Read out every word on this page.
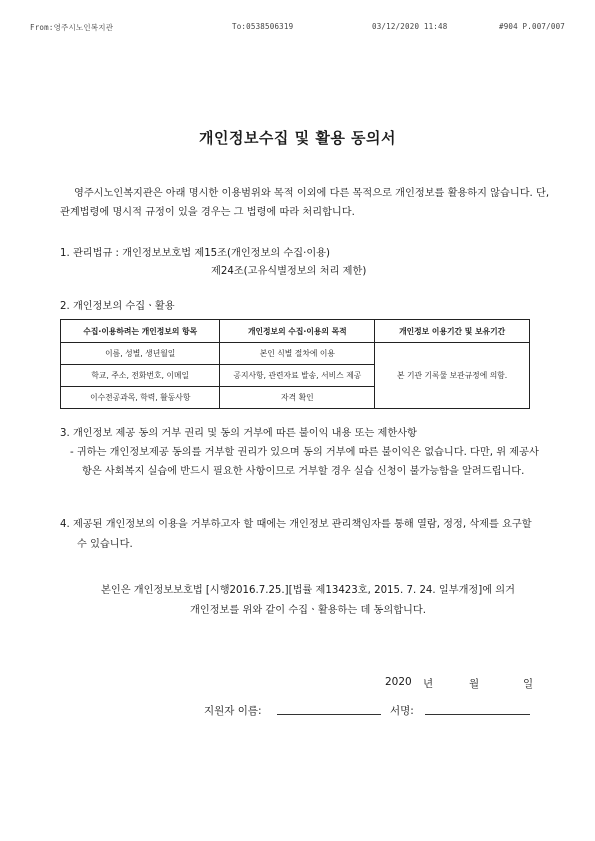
From:영주시노인복지관	To:0538506319	03/12/2020 11:48	#904 P.007/007
개인정보수집 및 활용 동의서
영주시노인복지관은 아래 명시한 이용범위와 목적 이외에 다른 목적으로 개인정보를 활용하지 않습니다. 단, 관계법령에 명시적 규정이 있을 경우는 그 법령에 따라 처리합니다.
1. 관리법규 : 개인정보보호법 제15조(개인정보의 수집·이용)
제24조(고유식별정보의 처리 제한)
2. 개인정보의 수집ㆍ활용
수집·이용하려는 개인정보의 항목	개인정보의 수집·이용의 목적	개인정보 이용기간 및 보유기간
이름, 성별, 생년월일	본인 식별 절차에 이용	본 기관 기록물 보관규정에 의함.
학교, 주소, 전화번호, 이메일	공지사항, 관련자료 발송, 서비스 제공	
이수전공과목, 학력, 활동사항	자격 확인	
3. 개인정보 제공 동의 거부 권리 및 동의 거부에 따른 불이익 내용 또는 제한사항
- 귀하는 개인정보제공 동의를 거부할 권리가 있으며 동의 거부에 따른 불이익은 없습니다. 다만, 위 제공사항은 사회복지 실습에 반드시 필요한 사항이므로 거부할 경우 실습 신청이 불가능함을 알려드립니다.
4. 제공된 개인정보의 이용을 거부하고자 할 때에는 개인정보 관리책임자를 통해 열람, 정정, 삭제를 요구할 수 있습니다.
본인은 개인정보보호법 [시행2016.7.25.][법률 제13423호, 2015. 7. 24. 일부개정]에 의거
개인정보를 위와 같이 수집ㆍ활용하는 데 동의합니다.
2020 년	월	일
지원자 이름:	서명:
